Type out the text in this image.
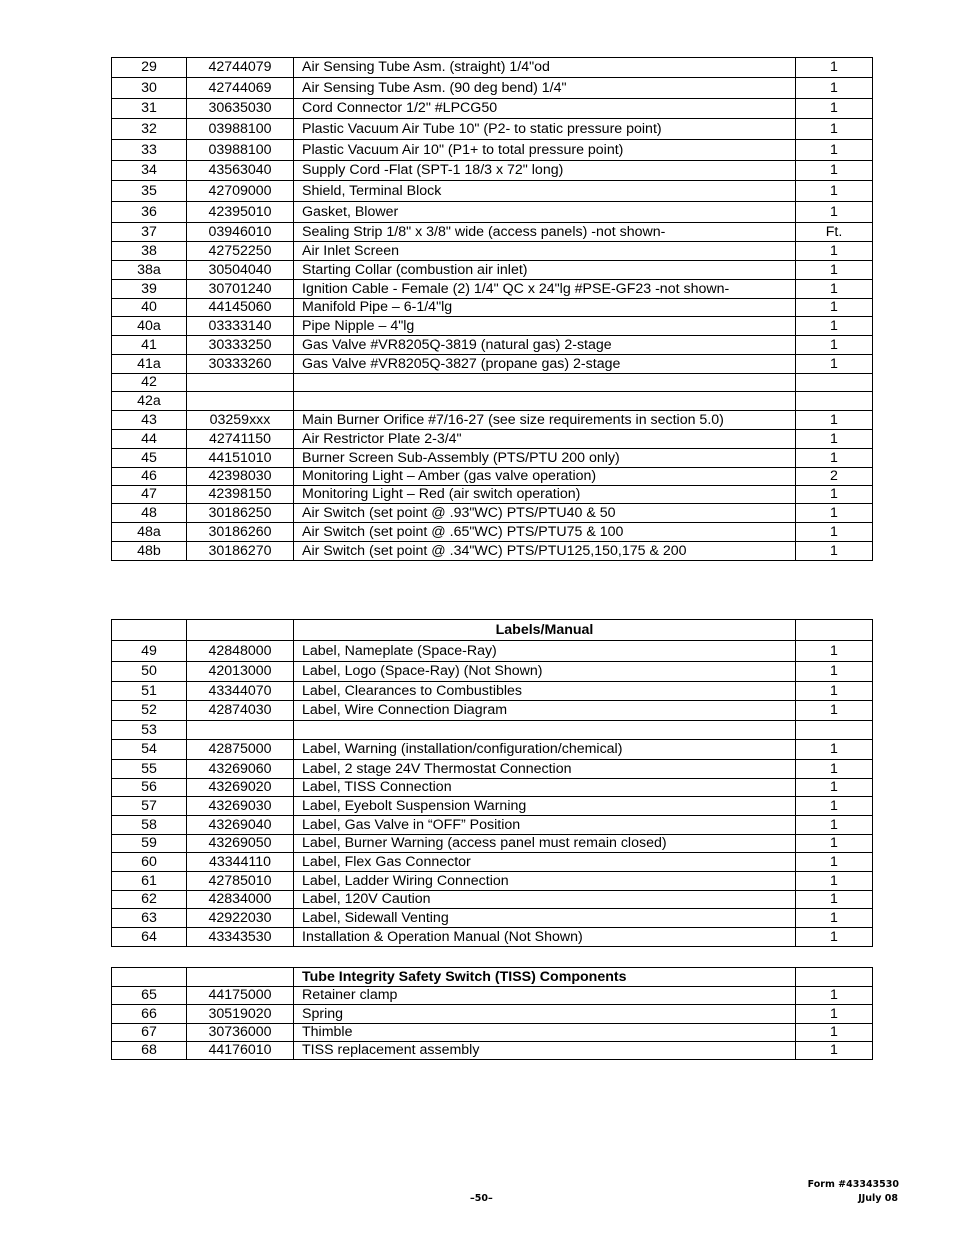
29	42744079	Air Sensing Tube Asm. (straight) 1/4"od	1
30	42744069	Air Sensing Tube Asm. (90 deg bend) 1/4"	1
31	30635030	Cord Connector 1/2" #LPCG50	1
32	03988100	Plastic Vacuum Air Tube 10" (P2- to static pressure point)	1
33	03988100	Plastic Vacuum Air 10" (P1+ to total pressure point)	1
34	43563040	Supply Cord -Flat (SPT-1 18/3 x 72" long)	1
35	42709000	Shield, Terminal Block	1
36	42395010	Gasket, Blower	1
37	03946010	Sealing Strip 1/8" x 3/8" wide (access panels) -not shown-	Ft.
38	42752250	Air Inlet Screen	1
38a	30504040	Starting Collar (combustion air inlet)	1
39	30701240	Ignition Cable - Female (2) 1/4" QC x 24"lg #PSE-GF23 -not shown-	1
40	44145060	Manifold Pipe – 6-1/4"lg	1
40a	03333140	Pipe Nipple – 4"lg	1
41	30333250	Gas Valve #VR8205Q-3819 (natural gas) 2-stage	1
41a	30333260	Gas Valve #VR8205Q-3827 (propane gas) 2-stage	1
42			
42a			
43	03259xxx	Main Burner Orifice #7/16-27 (see size requirements in section 5.0)	1
44	42741150	Air Restrictor Plate 2-3/4"	1
45	44151010	Burner Screen Sub-Assembly (PTS/PTU 200 only)	1
46	42398030	Monitoring Light – Amber (gas valve operation)	2
47	42398150	Monitoring Light – Red (air switch operation)	1
48	30186250	Air Switch (set point @ .93"WC) PTS/PTU40 & 50	1
48a	30186260	Air Switch (set point @ .65"WC) PTS/PTU75 & 100	1
48b	30186270	Air Switch (set point @ .34"WC) PTS/PTU125,150,175 & 200	1
		Labels/Manual	
49	42848000	Label, Nameplate (Space-Ray)	1
50	42013000	Label, Logo (Space-Ray) (Not Shown)	1
51	43344070	Label, Clearances to Combustibles	1
52	42874030	Label, Wire Connection Diagram	1
53			
54	42875000	Label, Warning (installation/configuration/chemical)	1
55	43269060	Label, 2 stage 24V Thermostat Connection	1
56	43269020	Label, TISS Connection	1
57	43269030	Label, Eyebolt Suspension Warning	1
58	43269040	Label, Gas Valve in “OFF” Position	1
59	43269050	Label, Burner Warning (access panel must remain closed)	1
60	43344110	Label, Flex Gas Connector	1
61	42785010	Label, Ladder Wiring Connection	1
62	42834000	Label, 120V Caution	1
63	42922030	Label, Sidewall Venting	1
64	43343530	Installation & Operation Manual (Not Shown)	1
		Tube Integrity Safety Switch (TISS) Components	
65	44175000	Retainer clamp	1
66	30519020	Spring	1
67	30736000	Thimble	1
68	44176010	TISS replacement assembly	1
Form #43343530
–50–	JJuly 08
